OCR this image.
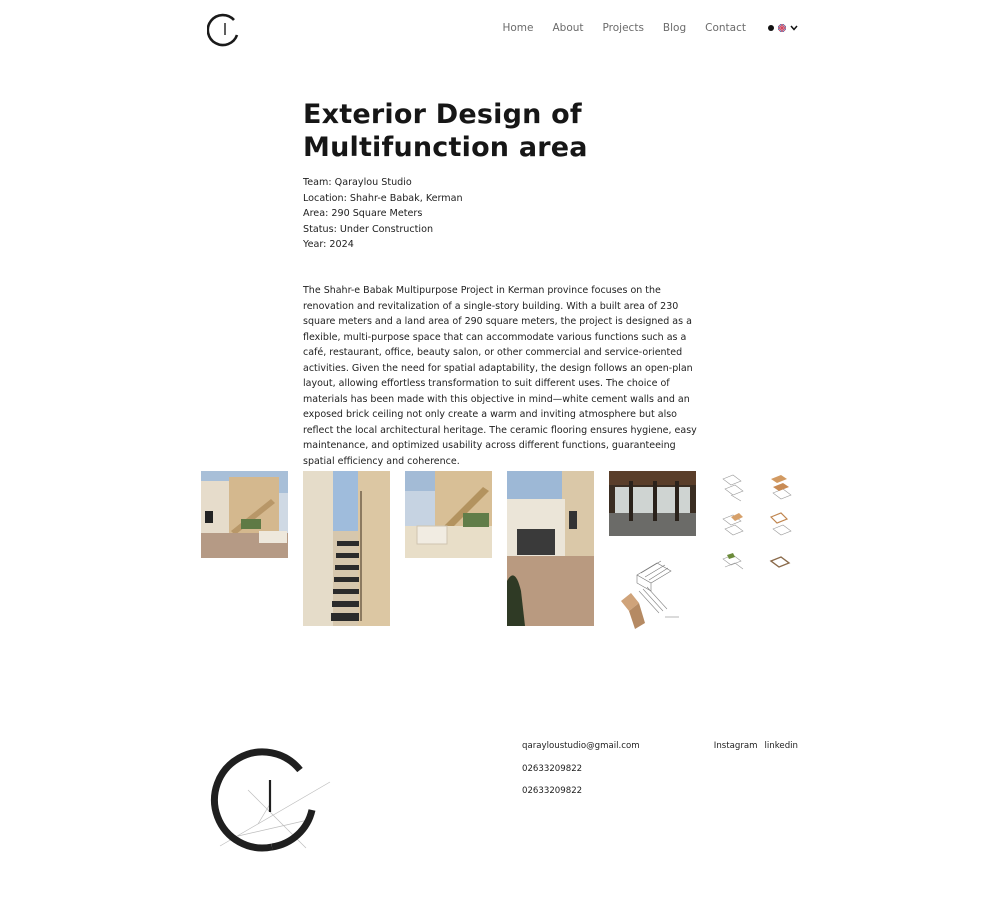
Home About Projects Blog Contact
Exterior Design of Multifunction area
Team: Qaraylou Studio
Location: Shahr-e Babak, Kerman
Area: 290 Square Meters
Status: Under Construction
Year: 2024

The Shahr-e Babak Multipurpose Project in Kerman province focuses on the renovation and revitalization of a single-story building. With a built area of 230 square meters and a land area of 290 square meters, the project is designed as a flexible, multi-purpose space that can accommodate various functions such as a café, restaurant, office, beauty salon, or other commercial and service-oriented activities. Given the need for spatial adaptability, the design follows an open-plan layout, allowing effortless transformation to suit different uses. The choice of materials has been made with this objective in mind—white cement walls and an exposed brick ceiling not only create a warm and inviting atmosphere but also reflect the local architectural heritage. The ceramic flooring ensures hygiene, easy maintenance, and optimized usability across different functions, guaranteeing spatial efficiency and coherence.

qarayloustudio@gmail.com
02633209822
02633209822
Instagram linkedin
